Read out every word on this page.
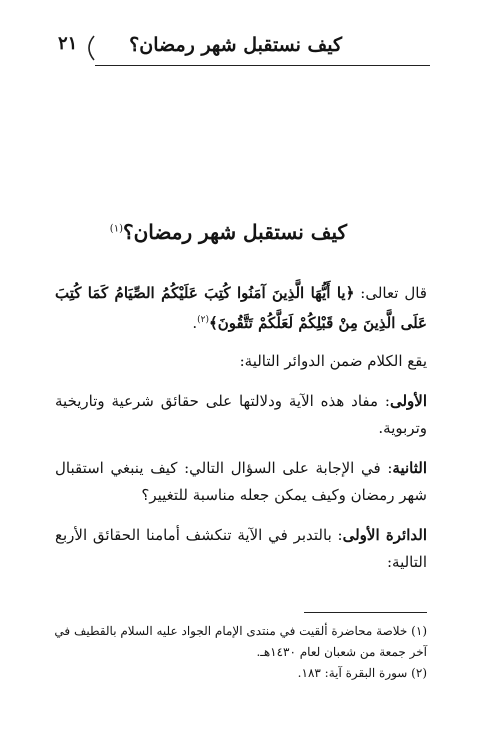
كيف نستقبل شهر رمضان؟
٢١
كيف نستقبل شهر رمضان؟$^{(١)}$
قال تعالى: ﴿يا أَيُّهَا الَّذِينَ آمَنُوا كُتِبَ عَلَيْكُمُ الصِّيَامُ كَمَا كُتِبَ عَلَى الَّذِينَ مِنْ قَبْلِكُمْ لَعَلَّكُمْ تَتَّقُونَ﴾$^{(٢)}$.
يقع الكلام ضمن الدوائر التالية:
الأولى: مفاد هذه الآية ودلالتها على حقائق شرعية وتاريخية وتربوية.
الثانية: في الإجابة على السؤال التالي: كيف ينبغي استقبال شهر رمضان وكيف يمكن جعله مناسبة للتغيير؟
الدائرة الأولى: بالتدبر في الآية تنكشف أمامنا الحقائق الأربع التالية:
(١) خلاصة محاضرة ألقيت في منتدى الإمام الجواد عليه السلام بالقطيف في آخر جمعة من شعبان لعام ١٤٣٠هـ.
(٢) سورة البقرة آية: ١٨٣.
